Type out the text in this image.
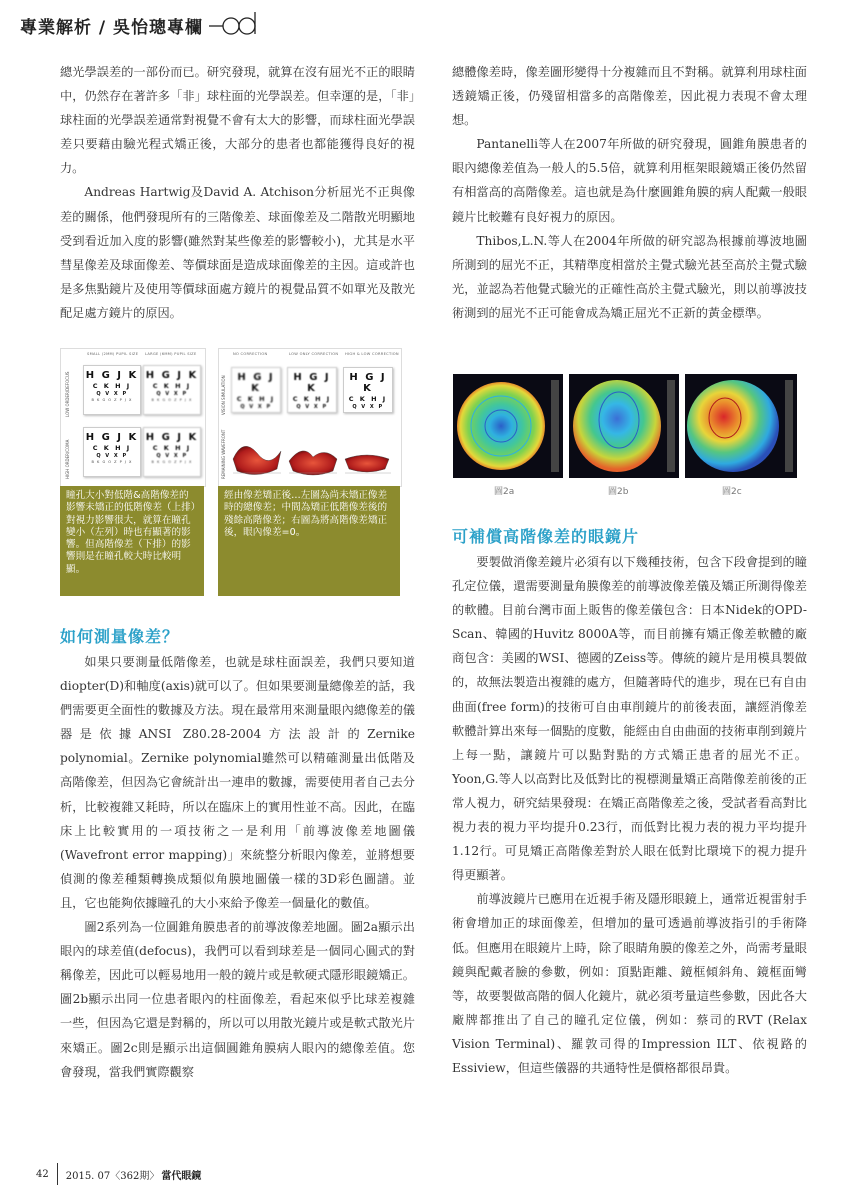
專業解析 / 吳怡璁專欄

總光學誤差的一部份而已。研究發現，就算在沒有屈光不正的眼睛中，仍然存在著許多「非」球柱面的光學誤差。但幸運的是，「非」球柱面的光學誤差通常對視覺不會有太大的影響，而球柱面光學誤差只要藉由驗光程式矯正後，大部分的患者也都能獲得良好的視力。

Andreas Hartwig及David A. Atchison分析屈光不正與像差的關係，他們發現所有的三階像差、球面像差及二階散光明顯地受到看近加入度的影響(雖然對某些像差的影響較小)，尤其是水平彗星像差及球面像差、等價球面是造成球面像差的主因。這或許也是多焦點鏡片及使用等價球面處方鏡片的視覺品質不如單光及散光配足處方鏡片的原因。

SMALL (2MM) PUPIL SIZE LARGE (6MM) PUPIL SIZE
LOW ORDER/DEFOCUS
HIGH ORDER/COMA
H G J K
C K H J
Q V X P
B K G O Z P J X
H G J K
C K H J
Q V X P
B K G O Z P J X
H G J K
C K H J
Q V X P
B K G O Z P J X
H G J K
C K H J
Q V X P
B K G O Z P J X
NO CORRECTION	LOW ONLY CORRECTION HIGH & LOW CORRECTION
VISION SIMULATION
REMAINING WAVEFRONT
H G J K
C K H J
Q V X P
H G J K
C K H J
Q V X P
H G J K
C K H J
Q V X P
瞳孔大小對低階&高階像差的影響未矯正的低階像差（上排）對視力影響很大，就算在瞳孔變小（左列）時也有顯著的影響。但高階像差（下排）的影響則是在瞳孔較大時比較明顯。
經由像差矯正後…左圖為尚未矯正像差時的總像差；中間為矯正低階像差後的殘餘高階像差；右圖為將高階像差矯正後，眼內像差=0。
如何測量像差？

如果只要測量低階像差，也就是球柱面誤差，我們只要知道diopter(D)和軸度(axis)就可以了。但如果要測量總像差的話，我們需要更全面性的數據及方法。現在最常用來測量眼內總像差的儀器是依據ANSI Z80.28-2004方法設計的Zernike polynomial。Zernike polynomial雖然可以精確測量出低階及高階像差，但因為它會統計出一連串的數據，需要使用者自己去分析，比較複雜又耗時，所以在臨床上的實用性並不高。因此，在臨床上比較實用的一項技術之一是利用「前導波像差地圖儀(Wavefront error mapping)」來統整分析眼內像差，並將想要偵測的像差種類轉換成類似角膜地圖儀一樣的3D彩色圖譜。並且，它也能夠依據瞳孔的大小來給予像差一個量化的數值。

圖2系列為一位圓錐角膜患者的前導波像差地圖。圖2a顯示出眼內的球差值(defocus)，我們可以看到球差是一個同心圓式的對稱像差，因此可以輕易地用一般的鏡片或是軟硬式隱形眼鏡矯正。圖2b顯示出同一位患者眼內的柱面像差，看起來似乎比球差複雜一些，但因為它還是對稱的，所以可以用散光鏡片或是軟式散光片來矯正。圖2c則是顯示出這個圓錐角膜病人眼內的總像差值。您會發現，當我們實際觀察

總體像差時，像差圖形變得十分複雜而且不對稱。就算利用球柱面透鏡矯正後，仍殘留相當多的高階像差，因此視力表現不會太理想。

Pantanelli等人在2007年所做的研究發現，圓錐角膜患者的眼內總像差值為一般人的5.5倍，就算利用框架眼鏡矯正後仍然留有相當高的高階像差。這也就是為什麼圓錐角膜的病人配戴一般眼鏡片比較難有良好視力的原因。

Thibos,L.N.等人在2004年所做的研究認為根據前導波地圖所測到的屈光不正，其精準度相當於主覺式驗光甚至高於主覺式驗光，並認為若他覺式驗光的正確性高於主覺式驗光，則以前導波技術測到的屈光不正可能會成為矯正屈光不正新的黃金標準。

圖2a	圖2b	圖2c
可補償高階像差的眼鏡片

要製做消像差鏡片必須有以下幾種技術，包含下段會提到的瞳孔定位儀，還需要測量角膜像差的前導波像差儀及矯正所測得像差的軟體。目前台灣市面上販售的像差儀包含：日本Nidek的OPD-Scan、韓國的Huvitz 8000A等，而目前擁有矯正像差軟體的廠商包含：美國的WSI、德國的Zeiss等。傳統的鏡片是用模具製做的，故無法製造出複雜的處方，但隨著時代的進步，現在已有自由曲面(free form)的技術可自由車削鏡片的前後表面，讓經消像差軟體計算出來每一個點的度數，能經由自由曲面的技術車削到鏡片上每一點，讓鏡片可以點對點的方式矯正患者的屈光不正。Yoon,G.等人以高對比及低對比的視標測量矯正高階像差前後的正常人視力，研究結果發現：在矯正高階像差之後，受試者看高對比視力表的視力平均提升0.23行，而低對比視力表的視力平均提升1.12行。可見矯正高階像差對於人眼在低對比環境下的視力提升得更顯著。

前導波鏡片已應用在近視手術及隱形眼鏡上，通常近視雷射手術會增加正的球面像差，但增加的量可透過前導波指引的手術降低。但應用在眼鏡片上時，除了眼睛角膜的像差之外，尚需考量眼鏡與配戴者臉的參數，例如：頂點距離、鏡框傾斜角、鏡框面彎等，故要製做高階的個人化鏡片，就必須考量這些參數，因此各大廠牌都推出了自己的瞳孔定位儀，例如：蔡司的RVT (Relax Vision Terminal)、羅敦司得的Impression ILT、依視路的Essiview，但這些儀器的共通特性是價格都很昂貴。

42 2015. 07〈362期〉 當代眼鏡
